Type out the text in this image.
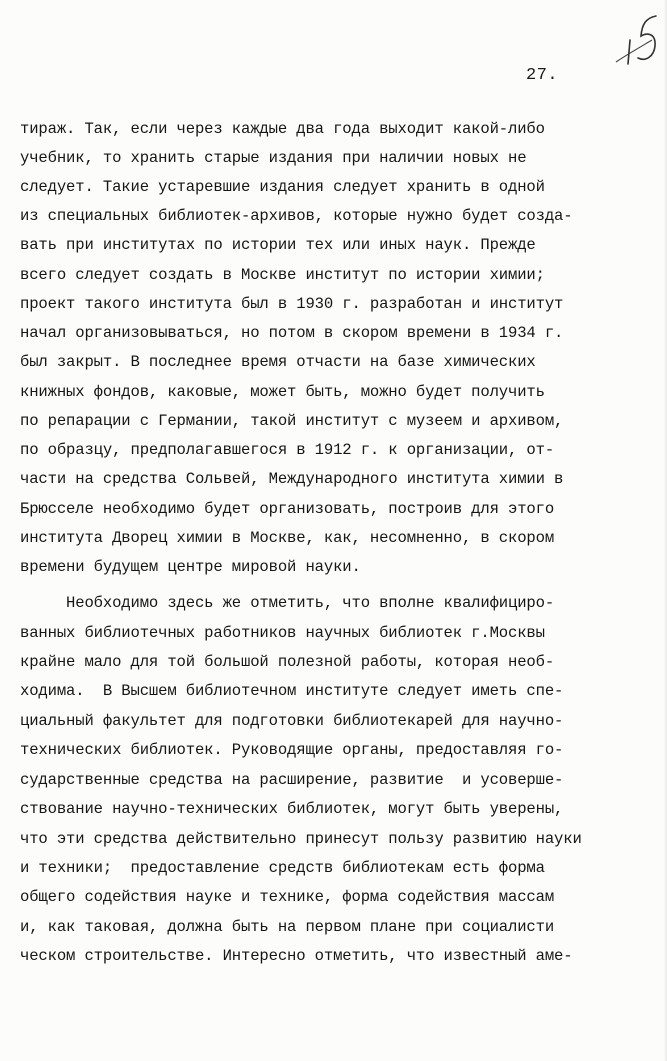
27.
тираж. Так, если через каждые два года выходит какой-либо
учебник, то хранить старые издания при наличии новых не
следует. Такие устаревшие издания следует хранить в одной
из специальных библиотек-архивов, которые нужно будет созда-
вать при институтах по истории тех или иных наук. Прежде
всего следует создать в Москве институт по истории химии;
проект такого института был в 1930 г. разработан и институт
начал организовываться, но потом в скором времени в 1934 г.
был закрыт. В последнее время отчасти на базе химических
книжных фондов, каковые, может быть, можно будет получить
по репарации с Германии, такой институт с музеем и архивом,
по образцу, предполагавшегося в 1912 г. к организации, от-
части на средства Сольвей, Международного института химии в
Брюсселе необходимо будет организовать, построив для этого
института Дворец химии в Москве, как, несомненно, в скором
времени будущем центре мировой науки.
Необходимо здесь же отметить, что вполне квалифициро-
ванных библиотечных работников научных библиотек г.Москвы
крайне мало для той большой полезной работы, которая необ-
ходима.  В Высшем библиотечном институте следует иметь спе-
циальный факультет для подготовки библиотекарей для научно-
технических библиотек. Руководящие органы, предоставляя го-
сударственные средства на расширение, развитие  и усоверше-
ствование научно-технических библиотек, могут быть уверены,
что эти средства действительно принесут пользу развитию науки
и техники;  предоставление средств библиотекам есть форма
общего содействия науке и технике, форма содействия массам
и, как таковая, должна быть на первом плане при социалисти
ческом строительстве. Интересно отметить, что известный аме-
